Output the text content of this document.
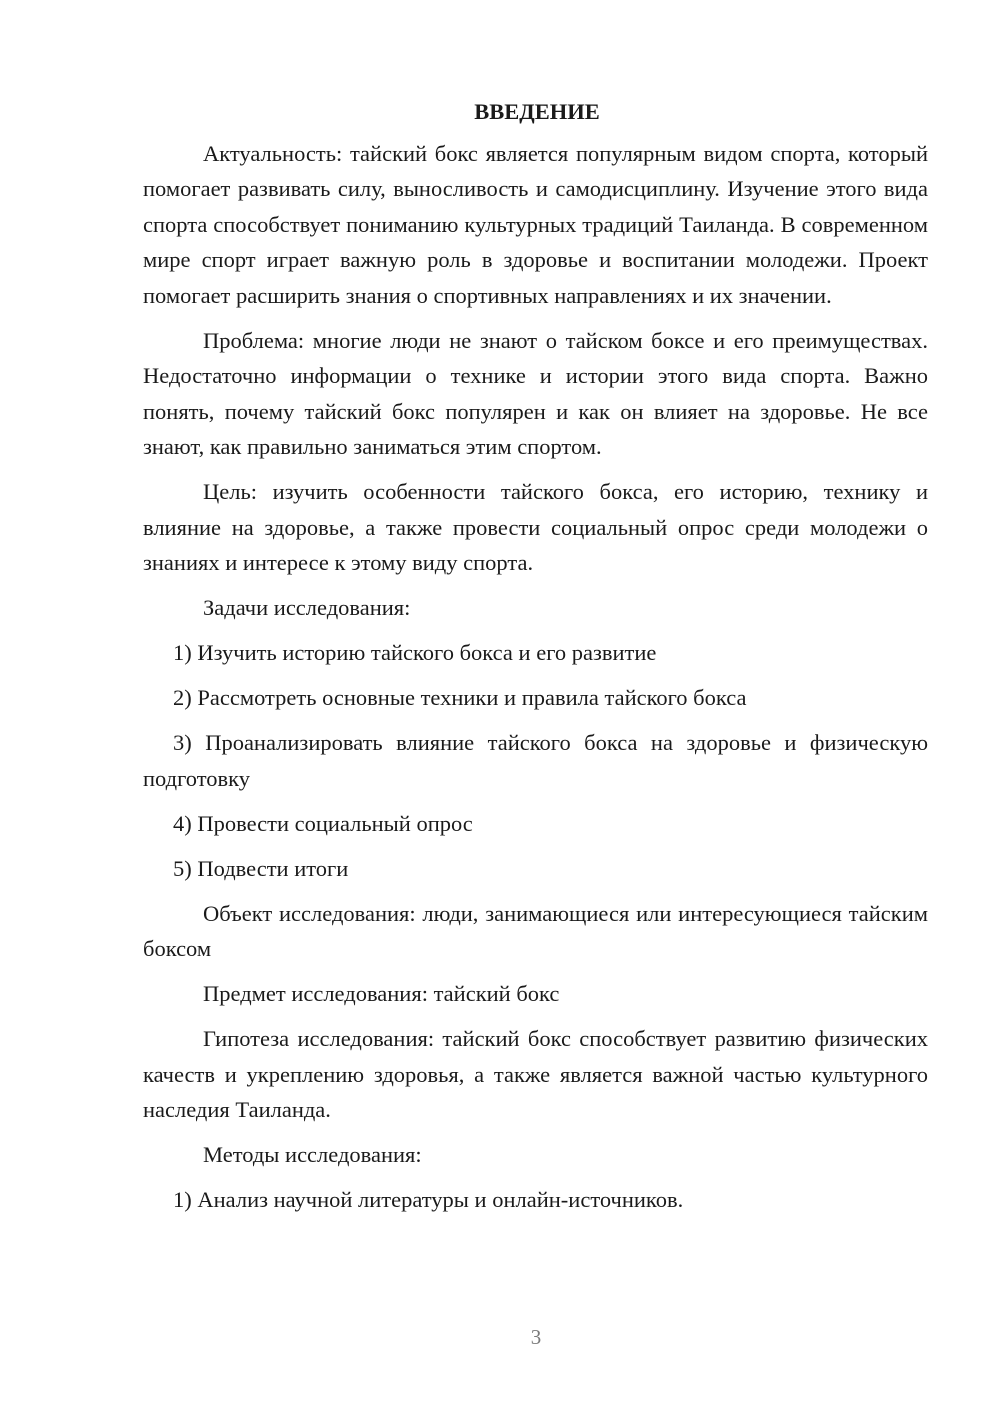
ВВЕДЕНИЕ

Актуальность: тайский бокс является популярным видом спорта, который помогает развивать силу, выносливость и самодисциплину. Изучение этого вида спорта способствует пониманию культурных традиций Таиланда. В современном мире спорт играет важную роль в здоровье и воспитании молодежи. Проект помогает расширить знания о спортивных направлениях и их значении.

Проблема: многие люди не знают о тайском боксе и его преимуществах. Недостаточно информации о технике и истории этого вида спорта. Важно понять, почему тайский бокс популярен и как он влияет на здоровье. Не все знают, как правильно заниматься этим спортом.

Цель: изучить особенности тайского бокса, его историю, технику и влияние на здоровье, а также провести социальный опрос среди молодежи о знаниях и интересе к этому виду спорта.

Задачи исследования:

1) Изучить историю тайского бокса и его развитие

2) Рассмотреть основные техники и правила тайского бокса

3) Проанализировать влияние тайского бокса на здоровье и физическую подготовку

4) Провести социальный опрос

5) Подвести итоги

Объект исследования: люди, занимающиеся или интересующиеся тайским боксом

Предмет исследования: тайский бокс

Гипотеза исследования: тайский бокс способствует развитию физических качеств и укреплению здоровья, а также является важной частью культурного наследия Таиланда.

Методы исследования:

1) Анализ научной литературы и онлайн-источников.

3
